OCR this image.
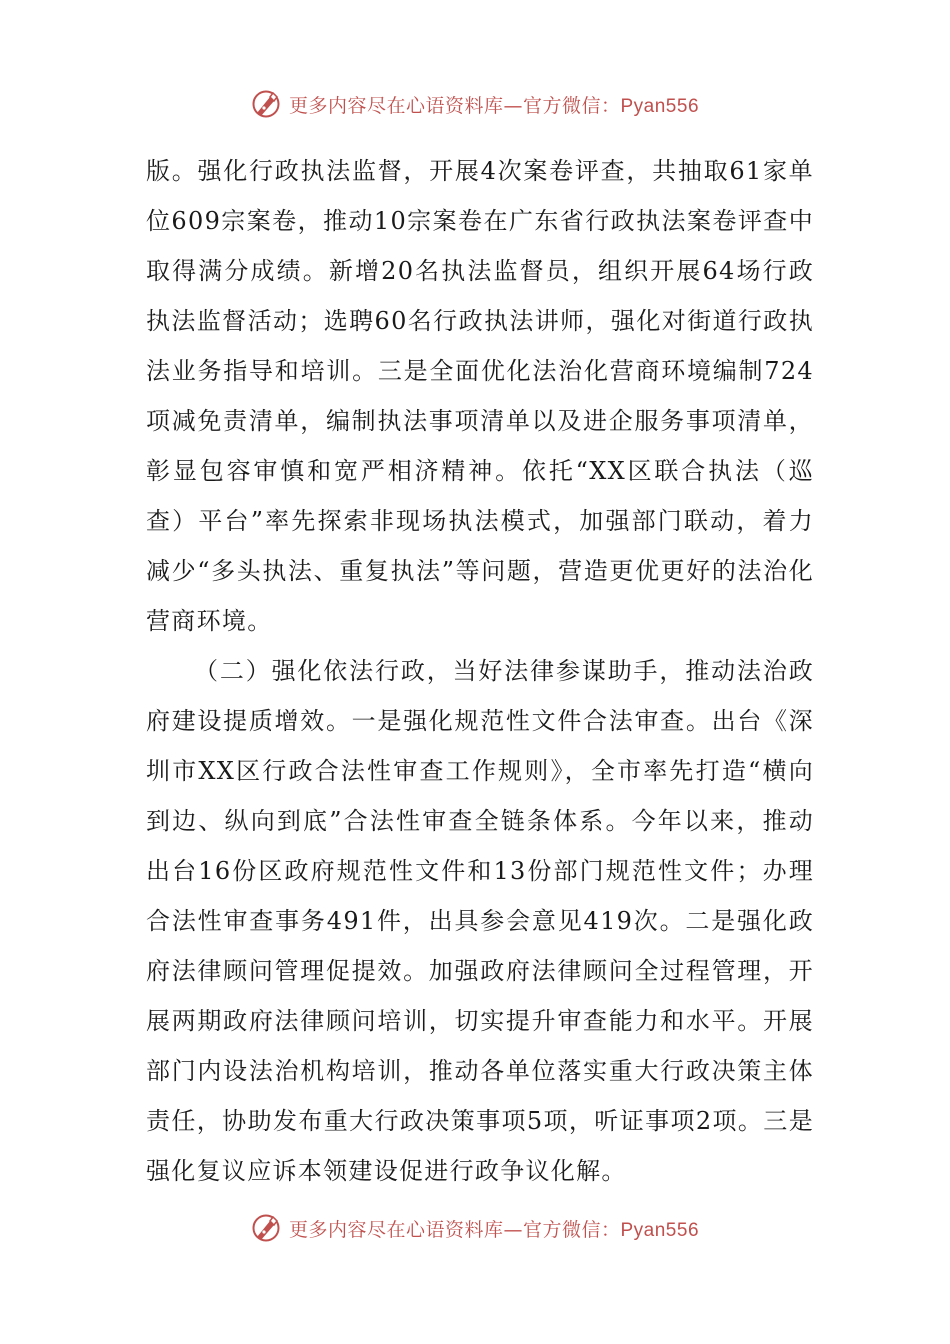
更多内容尽在心语资料库—官方微信：Pyan556

版。强化行政执法监督，开展4次案卷评查，共抽取61家单位609宗案卷，推动10宗案卷在广东省行政执法案卷评查中取得满分成绩。新增20名执法监督员，组织开展64场行政执法监督活动；选聘60名行政执法讲师，强化对街道行政执法业务指导和培训。三是全面优化法治化营商环境编制724项减免责清单，编制执法事项清单以及进企服务事项清单，彰显包容审慎和宽严相济精神。依托“XX区联合执法（巡查）平台”率先探索非现场执法模式，加强部门联动，着力减少“多头执法、重复执法”等问题，营造更优更好的法治化营商环境。

（二）强化依法行政，当好法律参谋助手，推动法治政府建设提质增效。一是强化规范性文件合法审查。出台《深圳市XX区行政合法性审查工作规则》，全市率先打造“横向到边、纵向到底”合法性审查全链条体系。今年以来，推动出台16份区政府规范性文件和13份部门规范性文件；办理合法性审查事务491件，出具参会意见419次。二是强化政府法律顾问管理促提效。加强政府法律顾问全过程管理，开展两期政府法律顾问培训，切实提升审查能力和水平。开展部门内设法治机构培训，推动各单位落实重大行政决策主体责任，协助发布重大行政决策事项5项，听证事项2项。三是强化复议应诉本领建设促进行政争议化解。

更多内容尽在心语资料库—官方微信：Pyan556
